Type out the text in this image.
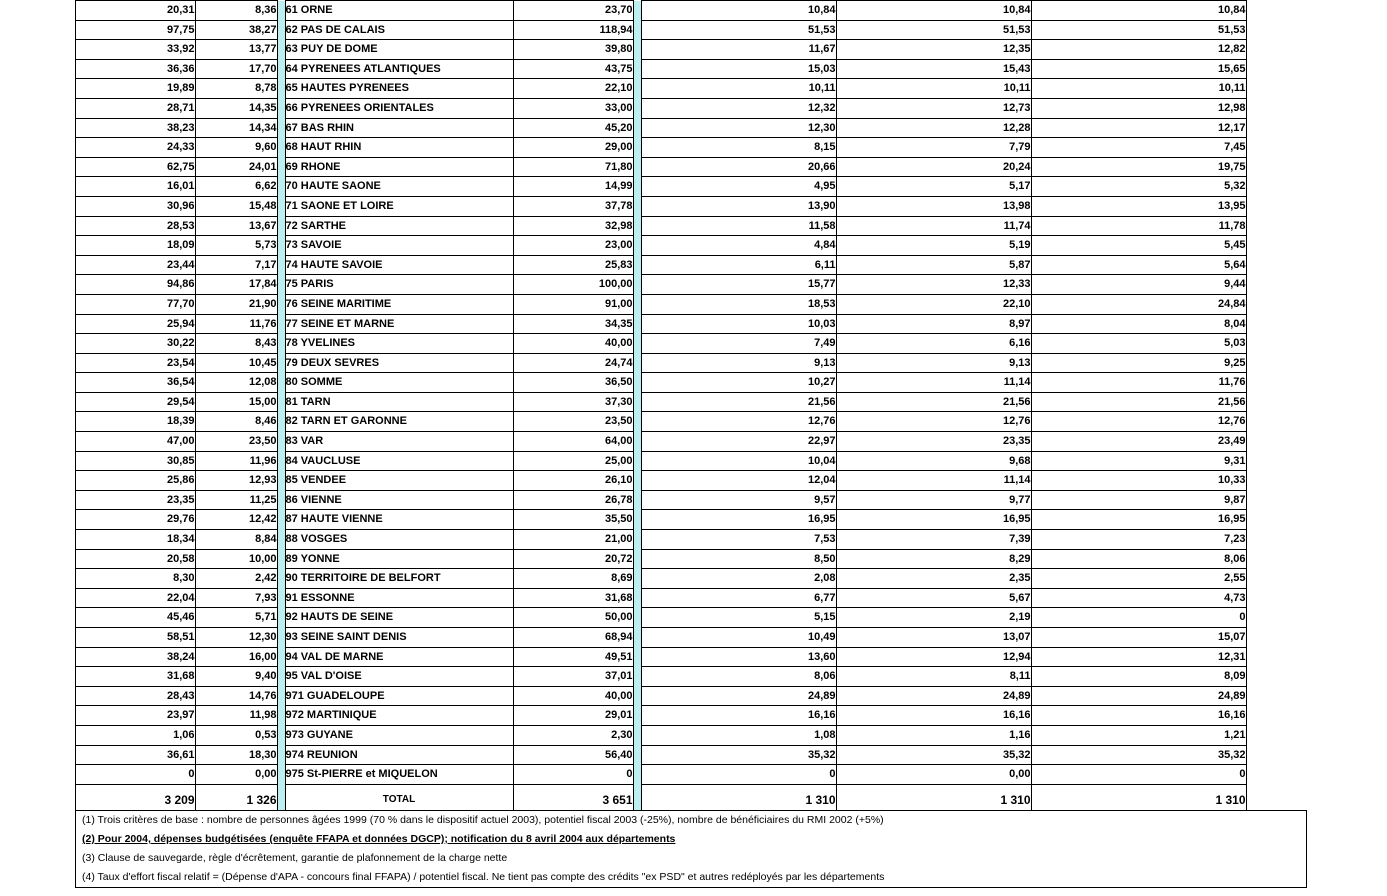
	20,31	8,36		61 ORNE	23,70		10,84	10,84	10,84	
	97,75	38,27		62 PAS DE CALAIS	118,94		51,53	51,53	51,53	
	33,92	13,77		63 PUY DE DOME	39,80		11,67	12,35	12,82	
	36,36	17,70		64 PYRENEES ATLANTIQUES	43,75		15,03	15,43	15,65	
	19,89	8,78		65 HAUTES PYRENEES	22,10		10,11	10,11	10,11	
	28,71	14,35		66 PYRENEES ORIENTALES	33,00		12,32	12,73	12,98	
	38,23	14,34		67 BAS RHIN	45,20		12,30	12,28	12,17	
	24,33	9,60		68 HAUT RHIN	29,00		8,15	7,79	7,45	
	62,75	24,01		69 RHONE	71,80		20,66	20,24	19,75	
	16,01	6,62		70 HAUTE SAONE	14,99		4,95	5,17	5,32	
	30,96	15,48		71 SAONE ET LOIRE	37,78		13,90	13,98	13,95	
	28,53	13,67		72 SARTHE	32,98		11,58	11,74	11,78	
	18,09	5,73		73 SAVOIE	23,00		4,84	5,19	5,45	
	23,44	7,17		74 HAUTE SAVOIE	25,83		6,11	5,87	5,64	
	94,86	17,84		75 PARIS	100,00		15,77	12,33	9,44	
	77,70	21,90		76 SEINE MARITIME	91,00		18,53	22,10	24,84	
	25,94	11,76		77 SEINE ET MARNE	34,35		10,03	8,97	8,04	
	30,22	8,43		78 YVELINES	40,00		7,49	6,16	5,03	
	23,54	10,45		79 DEUX SEVRES	24,74		9,13	9,13	9,25	
	36,54	12,08		80 SOMME	36,50		10,27	11,14	11,76	
	29,54	15,00		81 TARN	37,30		21,56	21,56	21,56	
	18,39	8,46		82 TARN ET GARONNE	23,50		12,76	12,76	12,76	
	47,00	23,50		83 VAR	64,00		22,97	23,35	23,49	
	30,85	11,96		84 VAUCLUSE	25,00		10,04	9,68	9,31	
	25,86	12,93		85 VENDEE	26,10		12,04	11,14	10,33	
	23,35	11,25		86 VIENNE	26,78		9,57	9,77	9,87	
	29,76	12,42		87 HAUTE VIENNE	35,50		16,95	16,95	16,95	
	18,34	8,84		88 VOSGES	21,00		7,53	7,39	7,23	
	20,58	10,00		89 YONNE	20,72		8,50	8,29	8,06	
	8,30	2,42		90 TERRITOIRE DE BELFORT	8,69		2,08	2,35	2,55	
	22,04	7,93		91 ESSONNE	31,68		6,77	5,67	4,73	
	45,46	5,71		92 HAUTS DE SEINE	50,00		5,15	2,19	0	
	58,51	12,30		93 SEINE SAINT DENIS	68,94		10,49	13,07	15,07	
	38,24	16,00		94 VAL DE MARNE	49,51		13,60	12,94	12,31	
	31,68	9,40		95 VAL D'OISE	37,01		8,06	8,11	8,09	
	28,43	14,76		971 GUADELOUPE	40,00		24,89	24,89	24,89	
	23,97	11,98		972 MARTINIQUE	29,01		16,16	16,16	16,16	
	1,06	0,53		973 GUYANE	2,30		1,08	1,16	1,21	
	36,61	18,30		974 REUNION	56,40		35,32	35,32	35,32	
	0	0,00		975 St-PIERRE et MIQUELON	0		0	0,00	0	
	3 209	1 326		TOTAL	3 651		1 310	1 310	1 310	

(1) Trois critères de base : nombre de personnes âgées 1999 (70 % dans le dispositif actuel 2003), potentiel fiscal 2003 (-25%), nombre de bénéficiaires du RMI 2002 (+5%)
(2) Pour 2004, dépenses budgétisées (enquête FFAPA et données DGCP); notification du 8 avril 2004 aux départements
(3) Clause de sauvegarde, règle d'écrêtement, garantie de plafonnement de la charge nette
(4) Taux d'effort fiscal relatif = (Dépense d'APA - concours final FFAPA) / potentiel fiscal. Ne tient pas compte des crédits "ex PSD" et autres redéployés par les départements
